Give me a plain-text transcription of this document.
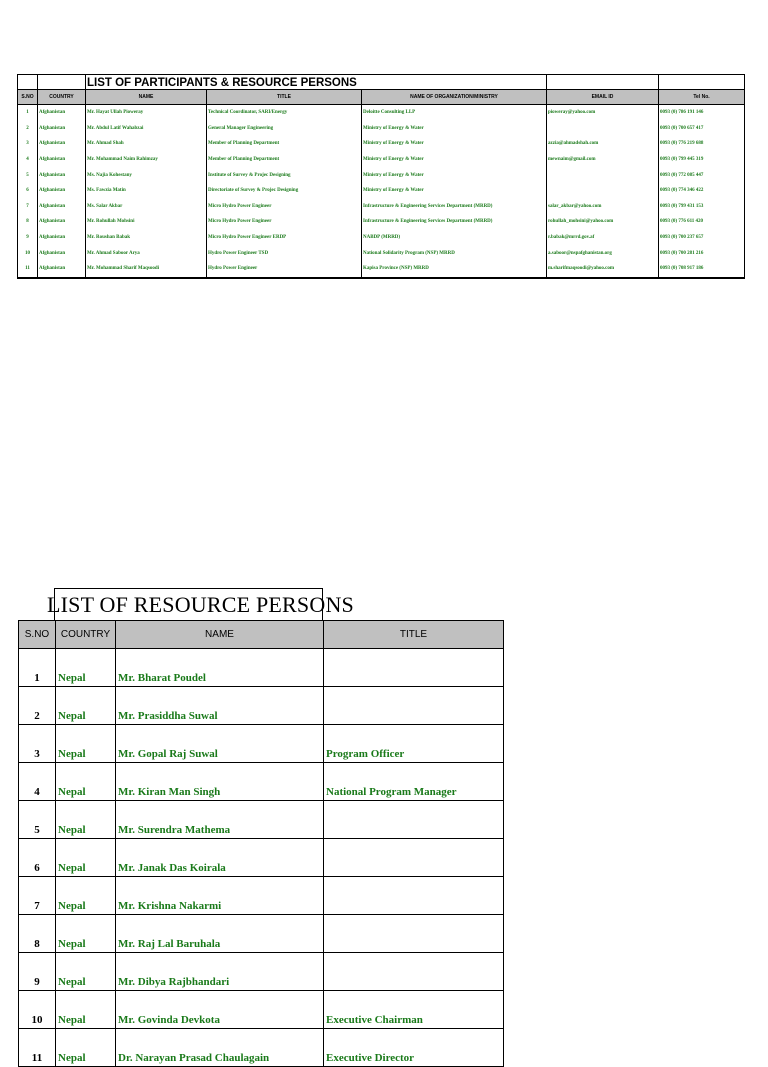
		LIST OF PARTICIPANTS & RESOURCE PERSONS				
S.NO	COUNTRY	NAME	TITLE	NAME OF ORGANIZATION/MINISTRY	EMAIL ID	Tel No.
1	Afghanistan	Mr. Hayat Ullah Pioweray	Technical Coordinator, SARI/Energy	Deloitte Consulting LLP	pioweray@yahoo.com	0093 (0) 786 191 146
2	Afghanistan	Mr. Abdul Latif Wahabzai	General Manager Engineering	Ministry of Energy & Water		0093 (0) 700 657 417
3	Afghanistan	Mr. Ahmad Shah	Member of Planning Department	Ministry of Energy & Water	azzia@ahmadshah.com	0093 (0) 776 219 688
4	Afghanistan	Mr. Mohammad Naim Rahimzay	Member of Planning Department	Ministry of Energy & Water	mewnaim@gmail.com	0093 (0) 799 445 319
5	Afghanistan	Ms. Najia Kohestany	Institute of Survey & Projec Designing	Ministry of Energy & Water		0093 (0) 772 085 447
6	Afghanistan	Ms. Fawzia Matin	Directoriate of Survey & Projec Designing	Ministry of Energy & Water		0093 (0) 774 346 422
7	Afghanistan	Ms. Salar Akbar	Micro Hydro Power Engineer	Infrastructure & Engineering Services Department (MRRD)	salar_akbar@yahoo.com	0093 (0) 799 431 153
8	Afghanistan	Mr. Rohullah Mohsini	Micro Hydro Power Engineer	Infrastructure & Engineering Services Department (MRRD)	rohullah_mohsini@yahoo.com	0093 (0) 776 611 420
9	Afghanistan	Mr. Roushan Babak	Micro Hydro Power Engineer ERDP	NABDP (MRRD)	r.babak@mrrd.gov.af	0093 (0) 700 237 657
10	Afghanistan	Mr. Ahmad Saboor Arya	Hydro Power Engineer TSD	National Solidarity Program (NSP) MRRD	a.saboor@nspafghanistan.org	0093 (0) 700 281 216
11	Afghanistan	Mr. Mohammad Sharif Maqsoodi	Hydro Power Engineer	Kapisa Province (NSP) MRRD	m.sharifmaqsoodi@yahoo.com	0093 (0) 708 917 186
LIST OF RESOURCE PERSONS
S.NO	COUNTRY	NAME	TITLE
1	Nepal	Mr. Bharat Poudel	
2	Nepal	Mr. Prasiddha Suwal	
3	Nepal	Mr. Gopal Raj Suwal	Program Officer
4	Nepal	Mr. Kiran Man Singh	National Program Manager
5	Nepal	Mr. Surendra Mathema	
6	Nepal	Mr. Janak Das Koirala	
7	Nepal	Mr. Krishna Nakarmi	
8	Nepal	Mr. Raj Lal Baruhala	
9	Nepal	Mr. Dibya Rajbhandari	
10	Nepal	Mr. Govinda Devkota	Executive Chairman
11	Nepal	Dr. Narayan Prasad Chaulagain	Executive Director
